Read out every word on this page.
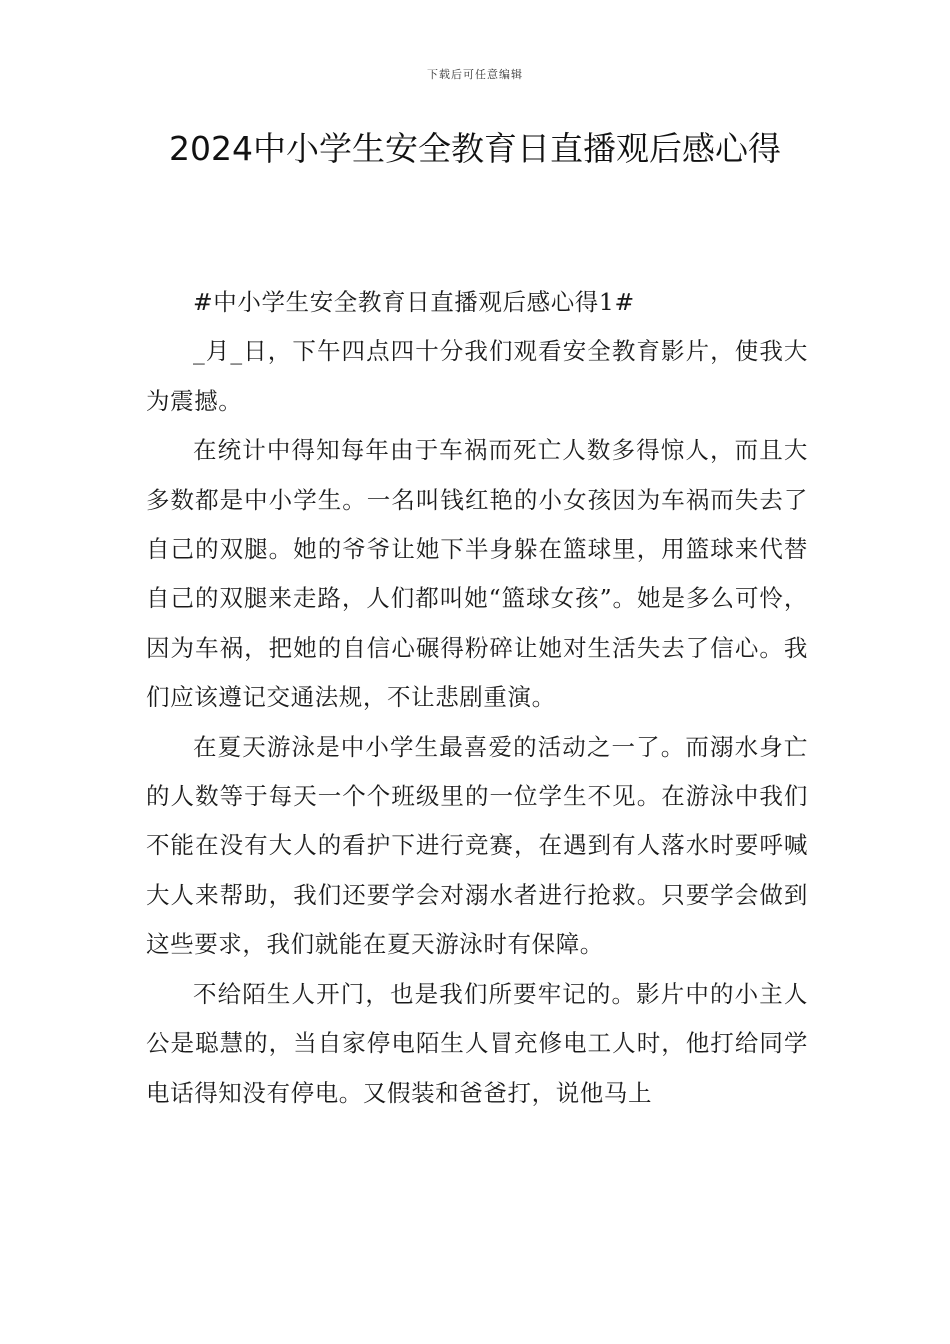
下载后可任意编辑
2024中小学生安全教育日直播观后感心得

#中小学生安全教育日直播观后感心得1#

_月_日，下午四点四十分我们观看安全教育影片，使我大为震撼。

在统计中得知每年由于车祸而死亡人数多得惊人，而且大多数都是中小学生。一名叫钱红艳的小女孩因为车祸而失去了自己的双腿。她的爷爷让她下半身躲在篮球里，用篮球来代替自己的双腿来走路，人们都叫她“篮球女孩”。她是多么可怜，因为车祸，把她的自信心碾得粉碎让她对生活失去了信心。我们应该遵记交通法规，不让悲剧重演。

在夏天游泳是中小学生最喜爱的活动之一了。而溺水身亡的人数等于每天一个个班级里的一位学生不见。在游泳中我们不能在没有大人的看护下进行竞赛，在遇到有人落水时要呼喊大人来帮助，我们还要学会对溺水者进行抢救。只要学会做到这些要求，我们就能在夏天游泳时有保障。

不给陌生人开门，也是我们所要牢记的。影片中的小主人公是聪慧的，当自家停电陌生人冒充修电工人时，他打给同学电话得知没有停电。又假装和爸爸打，说他马上
